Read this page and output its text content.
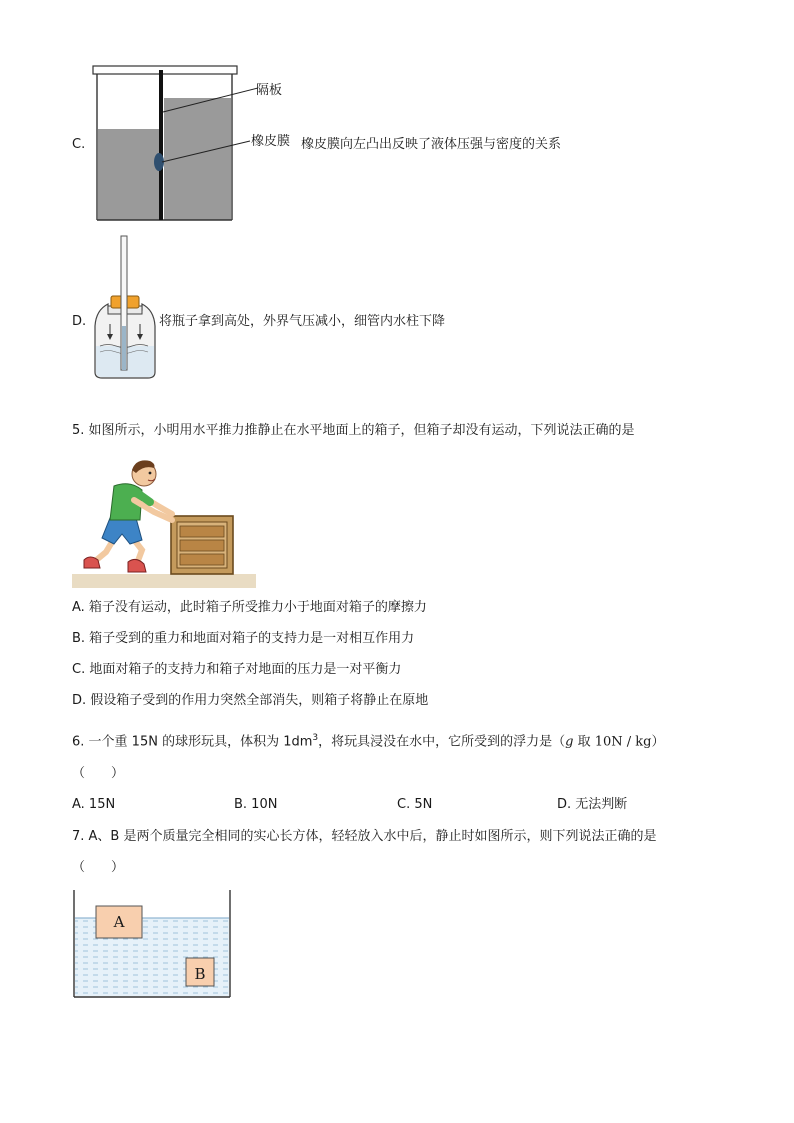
C.
隔板
橡皮膜 橡皮膜向左凸出反映了液体压强与密度的关系
D.	将瓶子拿到高处，外界气压减小，细管内水柱下降
5. 如图所示，小明用水平推力推静止在水平地面上的箱子，但箱子却没有运动，下列说法正确的是
A. 箱子没有运动，此时箱子所受推力小于地面对箱子的摩擦力
B. 箱子受到的重力和地面对箱子的支持力是一对相互作用力
C. 地面对箱子的支持力和箱子对地面的压力是一对平衡力
D. 假设箱子受到的作用力突然全部消失，则箱子将静止在原地
6. 一个重 15N 的球形玩具，体积为 $1dm^3$，将玩具浸没在水中，它所受到的浮力是（g 取 10N / kg）
（　　）
A. 15N	B. 10N	C. 5N	D. 无法判断
7. A、B 是两个质量完全相同的实心长方体，轻轻放入水中后，静止时如图所示，则下列说法正确的是
（　　）
A
B
